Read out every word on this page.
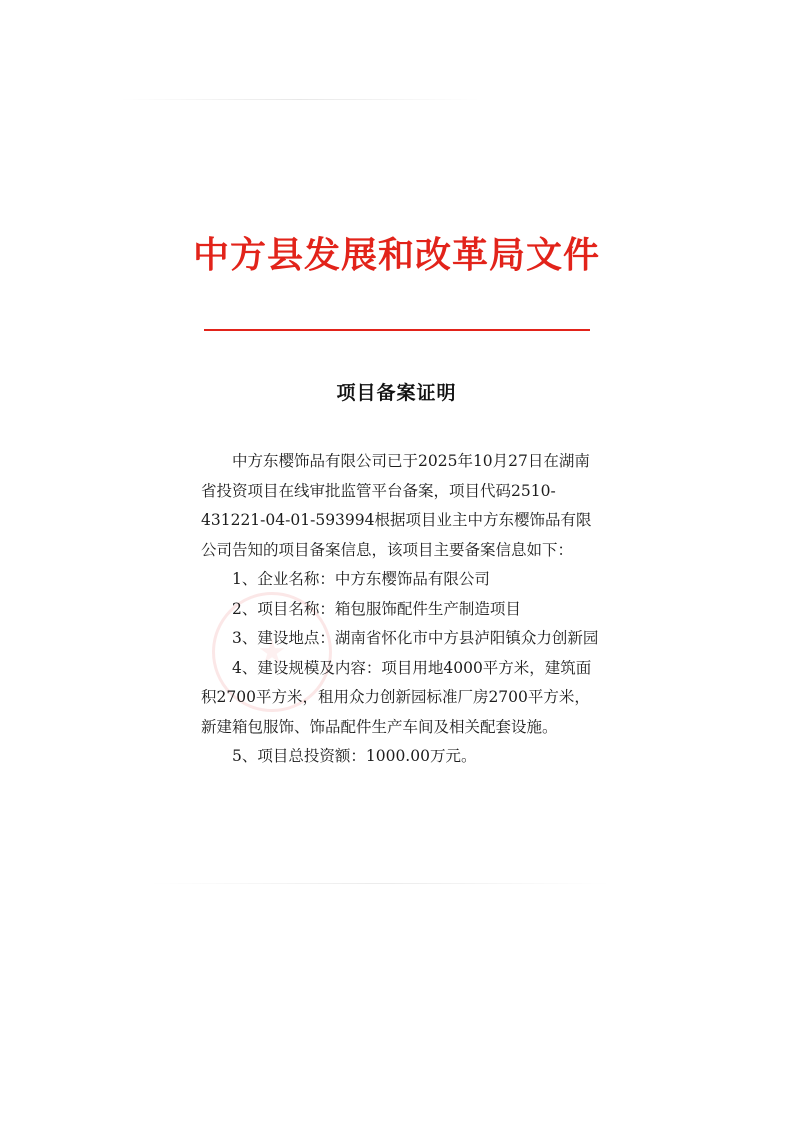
中方县发展和改革局文件
项目备案证明

中方东樱饰品有限公司已于2025年10月27日在湖南省投资项目在线审批监管平台备案，项目代码2510-431221-04-01-593994根据项目业主中方东樱饰品有限公司告知的项目备案信息，该项目主要备案信息如下：

1、企业名称：中方东樱饰品有限公司

2、项目名称：箱包服饰配件生产制造项目

3、建设地点：湖南省怀化市中方县泸阳镇众力创新园

4、建设规模及内容：项目用地4000平方米，建筑面积2700平方米，租用众力创新园标准厂房2700平方米，新建箱包服饰、饰品配件生产车间及相关配套设施。

5、项目总投资额：1000.00万元。
